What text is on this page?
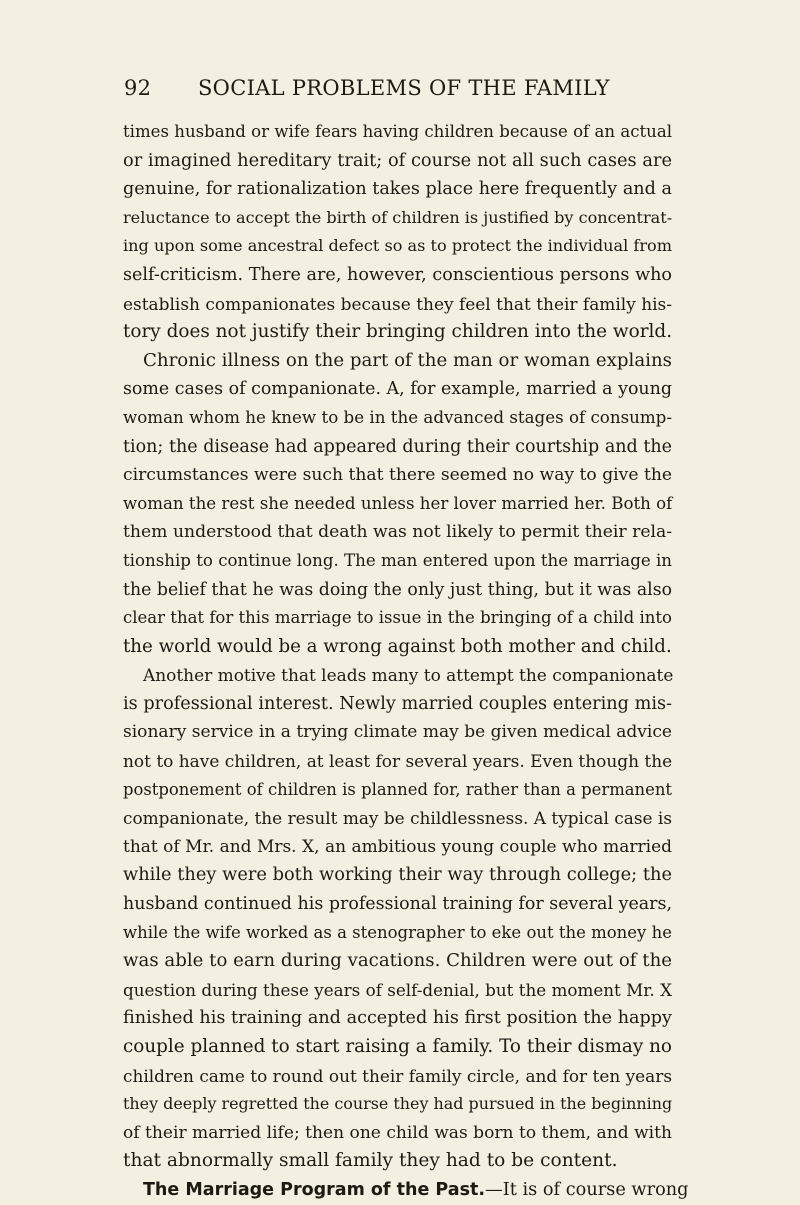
92	SOCIAL PROBLEMS OF THE FAMILY
times husband or wife fears having children because of an actual
or imagined hereditary trait; of course not all such cases are
genuine, for rationalization takes place here frequently and a
reluctance to accept the birth of children is justified by concentrat-
ing upon some ancestral defect so as to protect the individual from
self-criticism. There are, however, conscientious persons who
establish companionates because they feel that their family his-
tory does not justify their bringing children into the world.
Chronic illness on the part of the man or woman explains
some cases of companionate. A, for example, married a young
woman whom he knew to be in the advanced stages of consump-
tion; the disease had appeared during their courtship and the
circumstances were such that there seemed no way to give the
woman the rest she needed unless her lover married her. Both of
them understood that death was not likely to permit their rela-
tionship to continue long. The man entered upon the marriage in
the belief that he was doing the only just thing, but it was also
clear that for this marriage to issue in the bringing of a child into
the world would be a wrong against both mother and child.
Another motive that leads many to attempt the companionate
is professional interest. Newly married couples entering mis-
sionary service in a trying climate may be given medical advice
not to have children, at least for several years. Even though the
postponement of children is planned for, rather than a permanent
companionate, the result may be childlessness. A typical case is
that of Mr. and Mrs. X, an ambitious young couple who married
while they were both working their way through college; the
husband continued his professional training for several years,
while the wife worked as a stenographer to eke out the money he
was able to earn during vacations. Children were out of the
question during these years of self-denial, but the moment Mr. X
finished his training and accepted his first position the happy
couple planned to start raising a family. To their dismay no
children came to round out their family circle, and for ten years
they deeply regretted the course they had pursued in the beginning
of their married life; then one child was born to them, and with
that abnormally small family they had to be content.
The Marriage Program of the Past.—It is of course wrong
